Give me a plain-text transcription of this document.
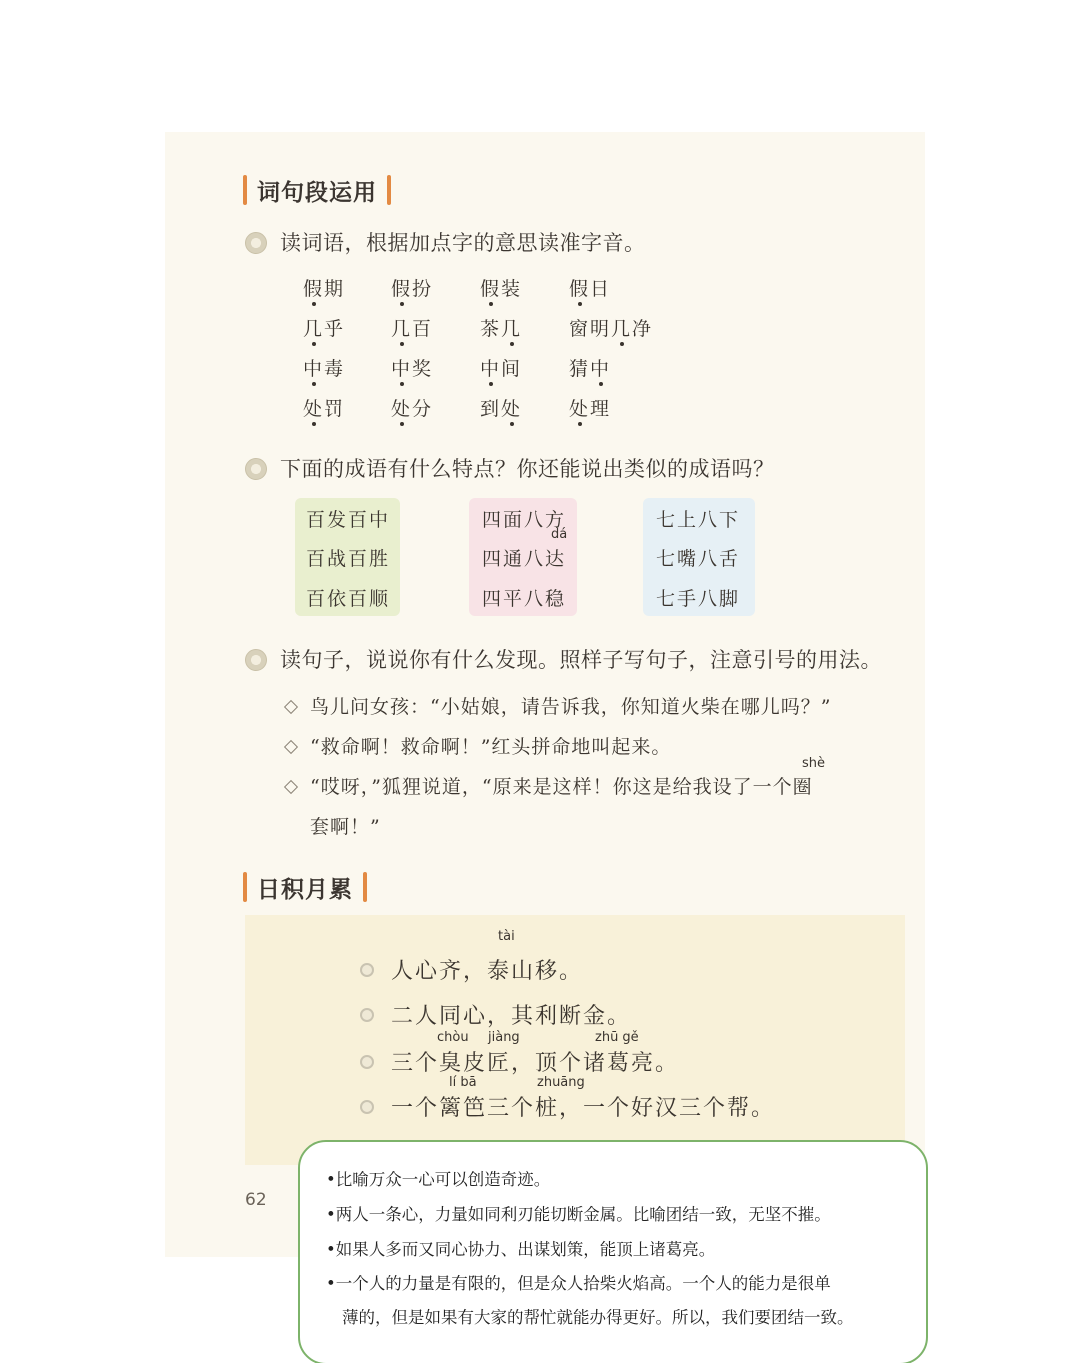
词句段运用
读词语，根据加点字的意思读准字音。
假期 假扮 假装 假日
几乎 几百 茶几 窗明几净
中毒 中奖 中间 猜中
处罚 处分 到处 处理
下面的成语有什么特点？你还能说出类似的成语吗？
百发百中
百战百胜
百依百顺
四面八方
dá
四通八达
四平八稳
七上八下
七嘴八舌
七手八脚
读句子，说说你有什么发现。照样子写句子，注意引号的用法。
鸟儿问女孩：“小姑娘，请告诉我，你知道火柴在哪儿吗？”
“救命啊！救命啊！”红头拼命地叫起来。
shè
“哎呀，”狐狸说道，“原来是这样！你这是给我设了一个圈
套啊！”
日积月累
tài
人心齐，泰山移。
二人同心，其利断金。
chòu jiàng	zhū gě
三个臭皮匠，顶个诸葛亮。
lí bā	zhuāng
一个篱笆三个桩，一个好汉三个帮。
62
•比喻万众一心可以创造奇迹。
•两人一条心，力量如同利刃能切断金属。比喻团结一致，无坚不摧。
•如果人多而又同心协力、出谋划策，能顶上诸葛亮。
•一个人的力量是有限的，但是众人拾柴火焰高。一个人的能力是很单
薄的，但是如果有大家的帮忙就能办得更好。所以，我们要团结一致。
